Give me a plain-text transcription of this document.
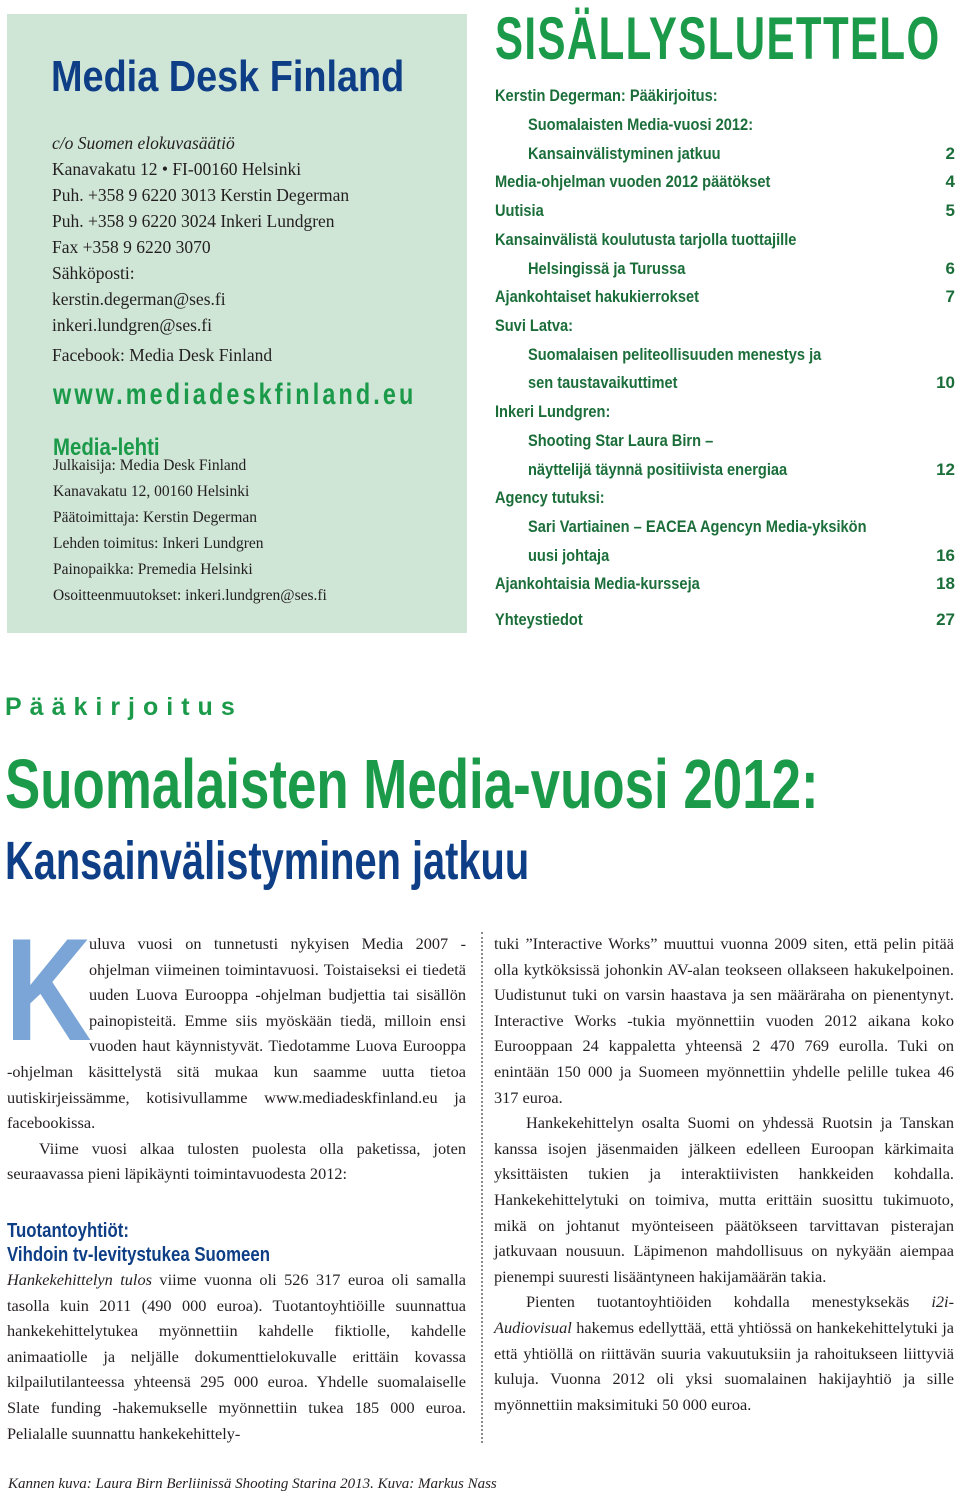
Media Desk Finland
c/o Suomen elokuvasäätiö
Kanavakatu 12 • FI-00160 Helsinki
Puh. +358 9 6220 3013 Kerstin Degerman
Puh. +358 9 6220 3024 Inkeri Lundgren
Fax +358 9 6220 3070
Sähköposti:
kerstin.degerman@ses.fi
inkeri.lundgren@ses.fi
Facebook: Media Desk Finland
www.mediadeskfinland.eu
Media-lehti
Julkaisija: Media Desk Finland
Kanavakatu 12, 00160 Helsinki
Päätoimittaja: Kerstin Degerman
Lehden toimitus: Inkeri Lundgren
Painopaikka: Premedia Helsinki
Osoitteenmuutokset: inkeri.lundgren@ses.fi
SISÄLLYSLUETTELO
Kerstin Degerman: Pääkirjoitus:
Suomalaisten Media-vuosi 2012:
Kansainvälistyminen jatkuu	2
Media-ohjelman vuoden 2012 päätökset	4
Uutisia	5
Kansainvälistä koulutusta tarjolla tuottajille
Helsingissä ja Turussa	6
Ajankohtaiset hakukierrokset	7
Suvi Latva:
Suomalaisen peliteollisuuden menestys ja
sen taustavaikuttimet	10
Inkeri Lundgren:
Shooting Star Laura Birn –
näyttelijä täynnä positiivista energiaa	12
Agency tutuksi:
Sari Vartiainen – EACEA Agencyn Media-yksikön
uusi johtaja	16
Ajankohtaisia Media-kursseja	18
Yhteystiedot	27
Pääkirjoitus
Suomalaisten Media-vuosi 2012:
Kansainvälistyminen jatkuu

K
uluva vuosi on tunnetusti nykyisen Media 2007 -ohjelman viimeinen toimintavuosi. Toistaiseksi ei tiedetä uuden Luova Eurooppa -ohjelman budjettia tai sisällön painopisteitä. Emme siis myöskään tiedä, milloin ensi vuoden haut käynnistyvät. Tiedotamme Luova Eurooppa -ohjelman käsittelystä sitä mukaa kun saamme uutta tietoa uutiskirjeissämme, kotisivullamme www.mediadeskfinland.eu ja facebookissa.

Viime vuosi alkaa tulosten puolesta olla paketissa, joten seuraavassa pieni läpikäynti toimintavuodesta 2012:

Tuotantoyhtiöt:
Vihdoin tv-levitystukea Suomeen

Hankekehittelyn tulos viime vuonna oli 526 317 euroa oli samalla tasolla kuin 2011 (490 000 euroa). Tuotantoyhtiöille suunnattua hankekehittelytukea myönnettiin kahdelle fiktiolle, kahdelle animaatiolle ja neljälle dokumenttielokuvalle erittäin kovassa kilpailutilanteessa yhteensä 295 000 euroa. Yhdelle suomalaiselle Slate funding -hakemukselle myönnettiin tukea 185 000 euroa. Pelialalle suunnattu hankekehittely-

tuki ”Interactive Works” muuttui vuonna 2009 siten, että pelin pitää olla kytköksissä johonkin AV-alan teokseen ollakseen hakukelpoinen. Uudistunut tuki on varsin haastava ja sen määräraha on pienentynyt. Interactive Works -tukia myönnettiin vuoden 2012 aikana koko Eurooppaan 24 kappaletta yhteensä 2 470 769 eurolla. Tuki on enintään 150 000 ja Suomeen myönnettiin yhdelle pelille tukea 46 317 euroa.

Hankekehittelyn osalta Suomi on yhdessä Ruotsin ja Tanskan kanssa isojen jäsenmaiden jälkeen edelleen Euroopan kärkimaita yksittäisten tukien ja interaktiivisten hankkeiden kohdalla. Hankekehittelytuki on toimiva, mutta erittäin suosittu tukimuoto, mikä on johtanut myönteiseen päätökseen tarvittavan pisterajan jatkuvaan nousuun. Läpimenon mahdollisuus on nykyään aiempaa pienempi suuresti lisääntyneen hakijamäärän takia.

Pienten tuotantoyhtiöiden kohdalla menestyksekäs i2i-Audiovisual hakemus edellyttää, että yhtiössä on hankekehittelytuki ja että yhtiöllä on riittävän suuria vakuutuksiin ja rahoitukseen liittyviä kuluja. Vuonna 2012 oli yksi suomalainen hakijayhtiö ja sille myönnettiin maksimituki 50 000 euroa.

Kannen kuva: Laura Birn Berliinissä Shooting Starina 2013. Kuva: Markus Nass
